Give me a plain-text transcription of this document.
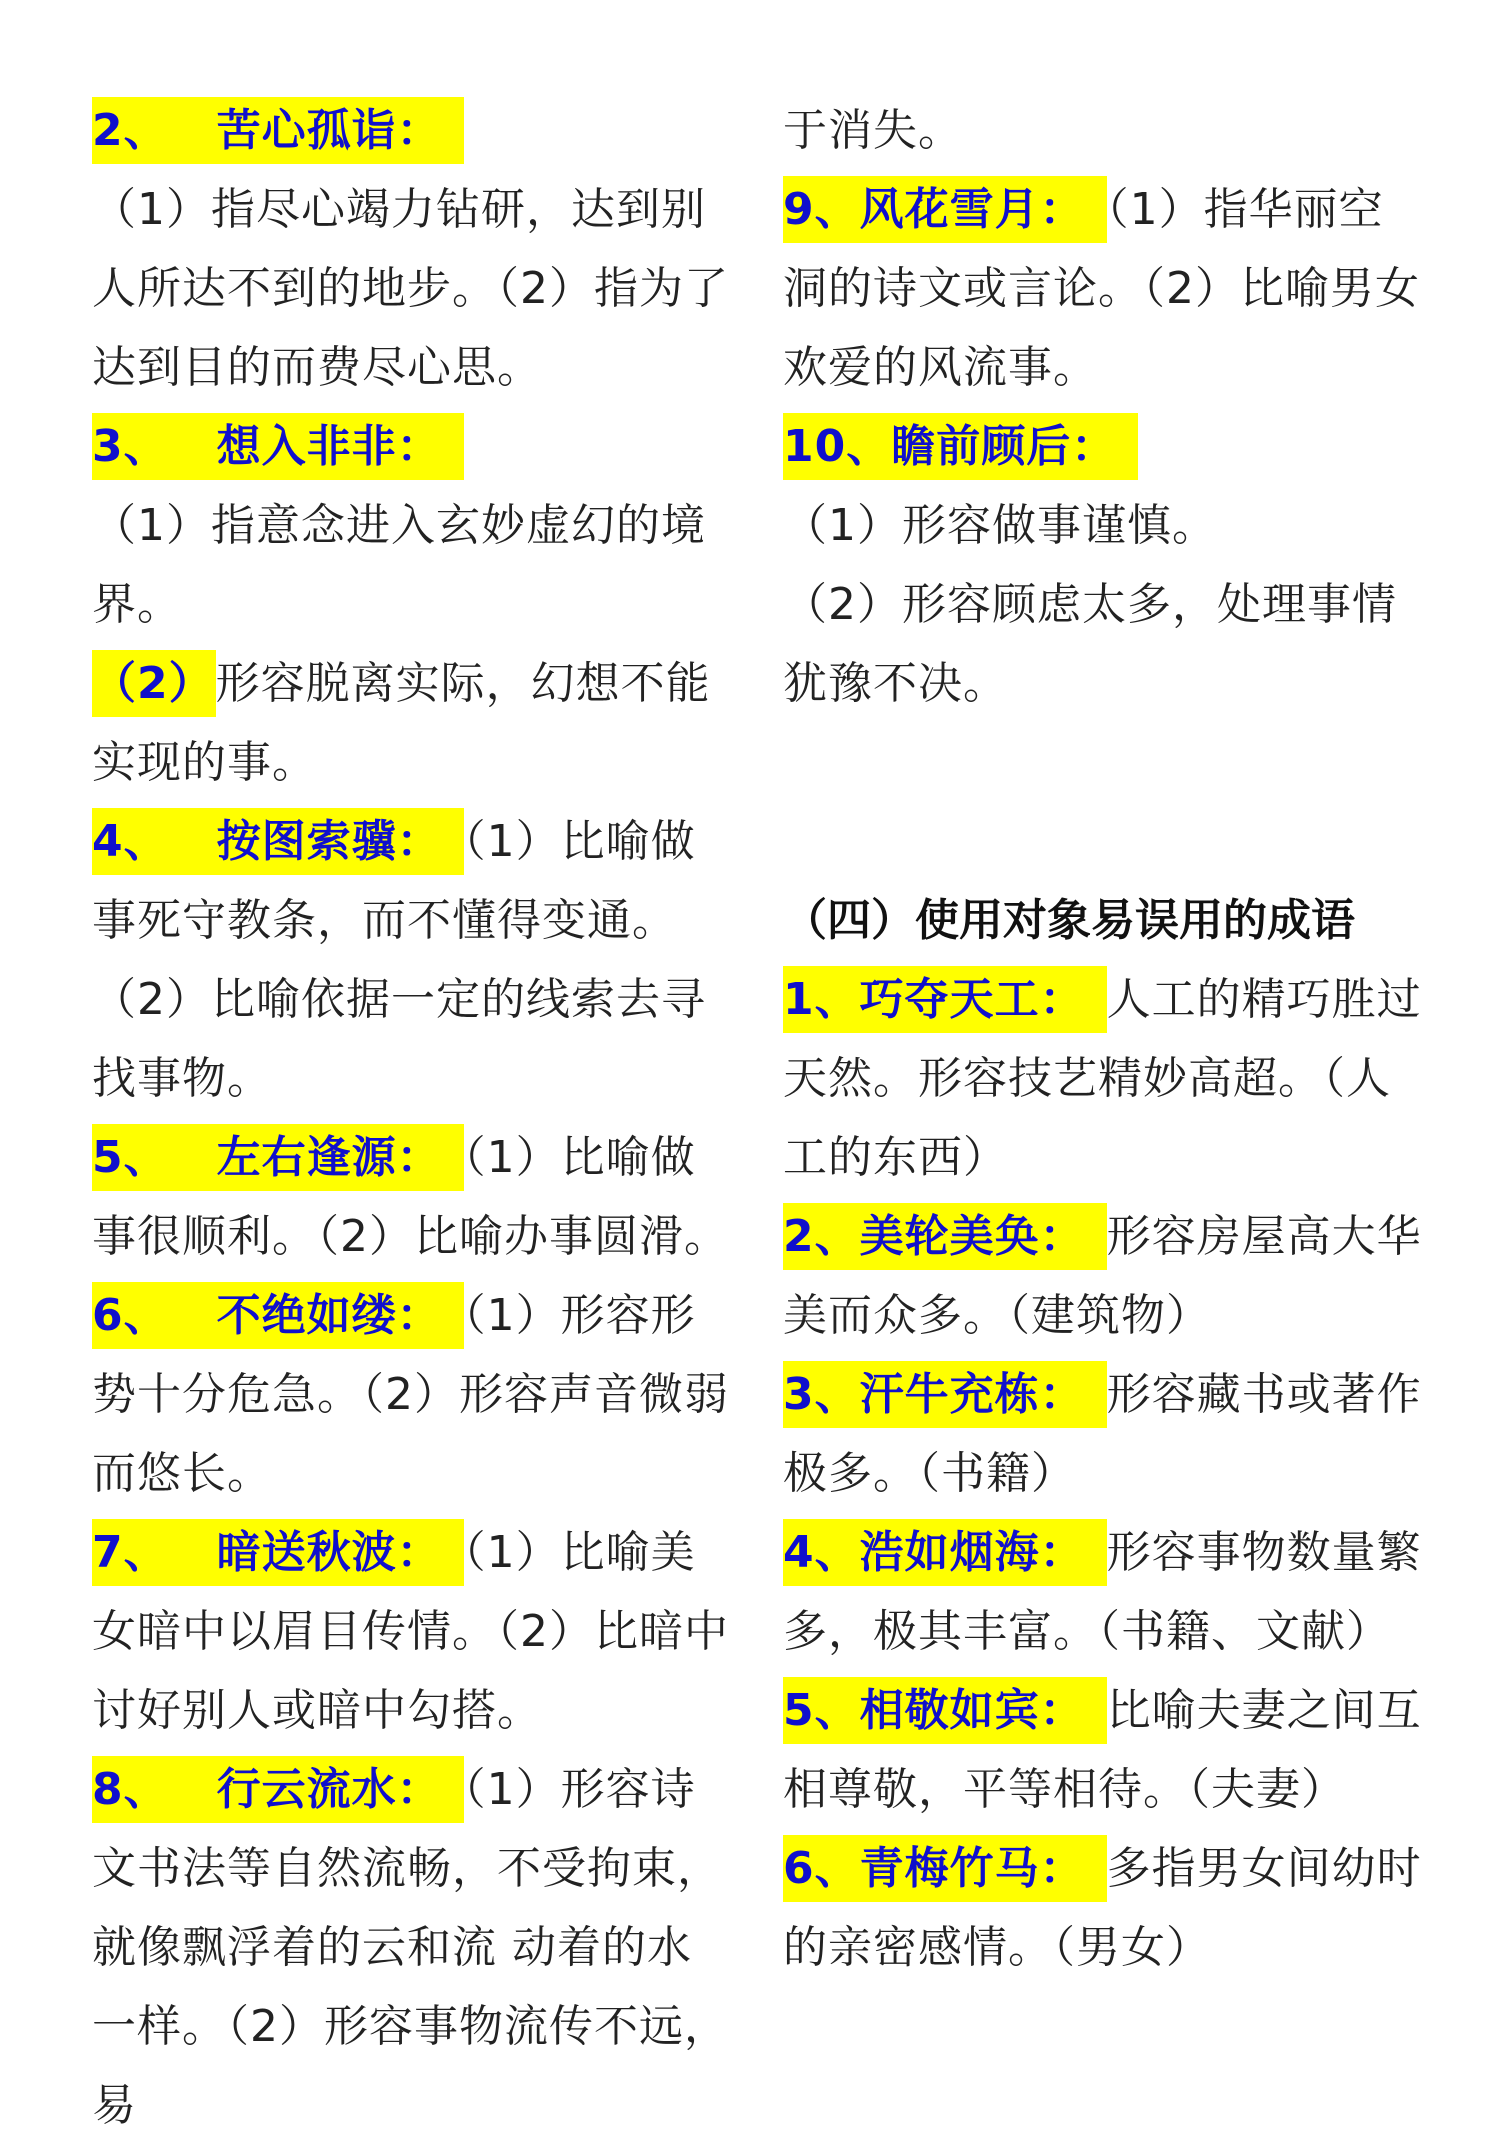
2、 苦心孤诣：
（1）指尽心竭力钻研，达到别人所达不到的地步。（2）指为了达到目的而费尽心思。

3、 想入非非：
（1）指意念进入玄妙虚幻的境界。

（2）形容脱离实际，幻想不能实现的事。

4、 按图索骥： （1）比喻做事死守教条，而不懂得变通。（2）比喻依据一定的线索去寻找事物。

5、 左右逢源： （1）比喻做事很顺利。（2）比喻办事圆滑。

6、 不绝如缕： （1）形容形势十分危急。（2）形容声音微弱而悠长。

7、 暗送秋波： （1）比喻美女暗中以眉目传情。（2）比暗中讨好别人或暗中勾搭。

8、 行云流水： （1）形容诗文书法等自然流畅，不受拘束，就像飘浮着的云和流 动着的水一样。（2）形容事物流传不远，易

于消失。

9、风花雪月： （1）指华丽空洞的诗文或言论。（2）比喻男女欢爱的风流事。

10、瞻前顾后：

（1）形容做事谨慎。

（2）形容顾虑太多，处理事情犹豫不决。

（四）使用对象易误用的成语

1、巧夺天工： 人工的精巧胜过天然。形容技艺精妙高超。（人工的东西）

2、美轮美奂： 形容房屋高大华美而众多。（建筑物）

3、汗牛充栋： 形容藏书或著作极多。（书籍）

4、浩如烟海： 形容事物数量繁多，极其丰富。（书籍、文献）

5、相敬如宾： 比喻夫妻之间互相尊敬，平等相待。（夫妻）

6、青梅竹马： 多指男女间幼时的亲密感情。（男女）
